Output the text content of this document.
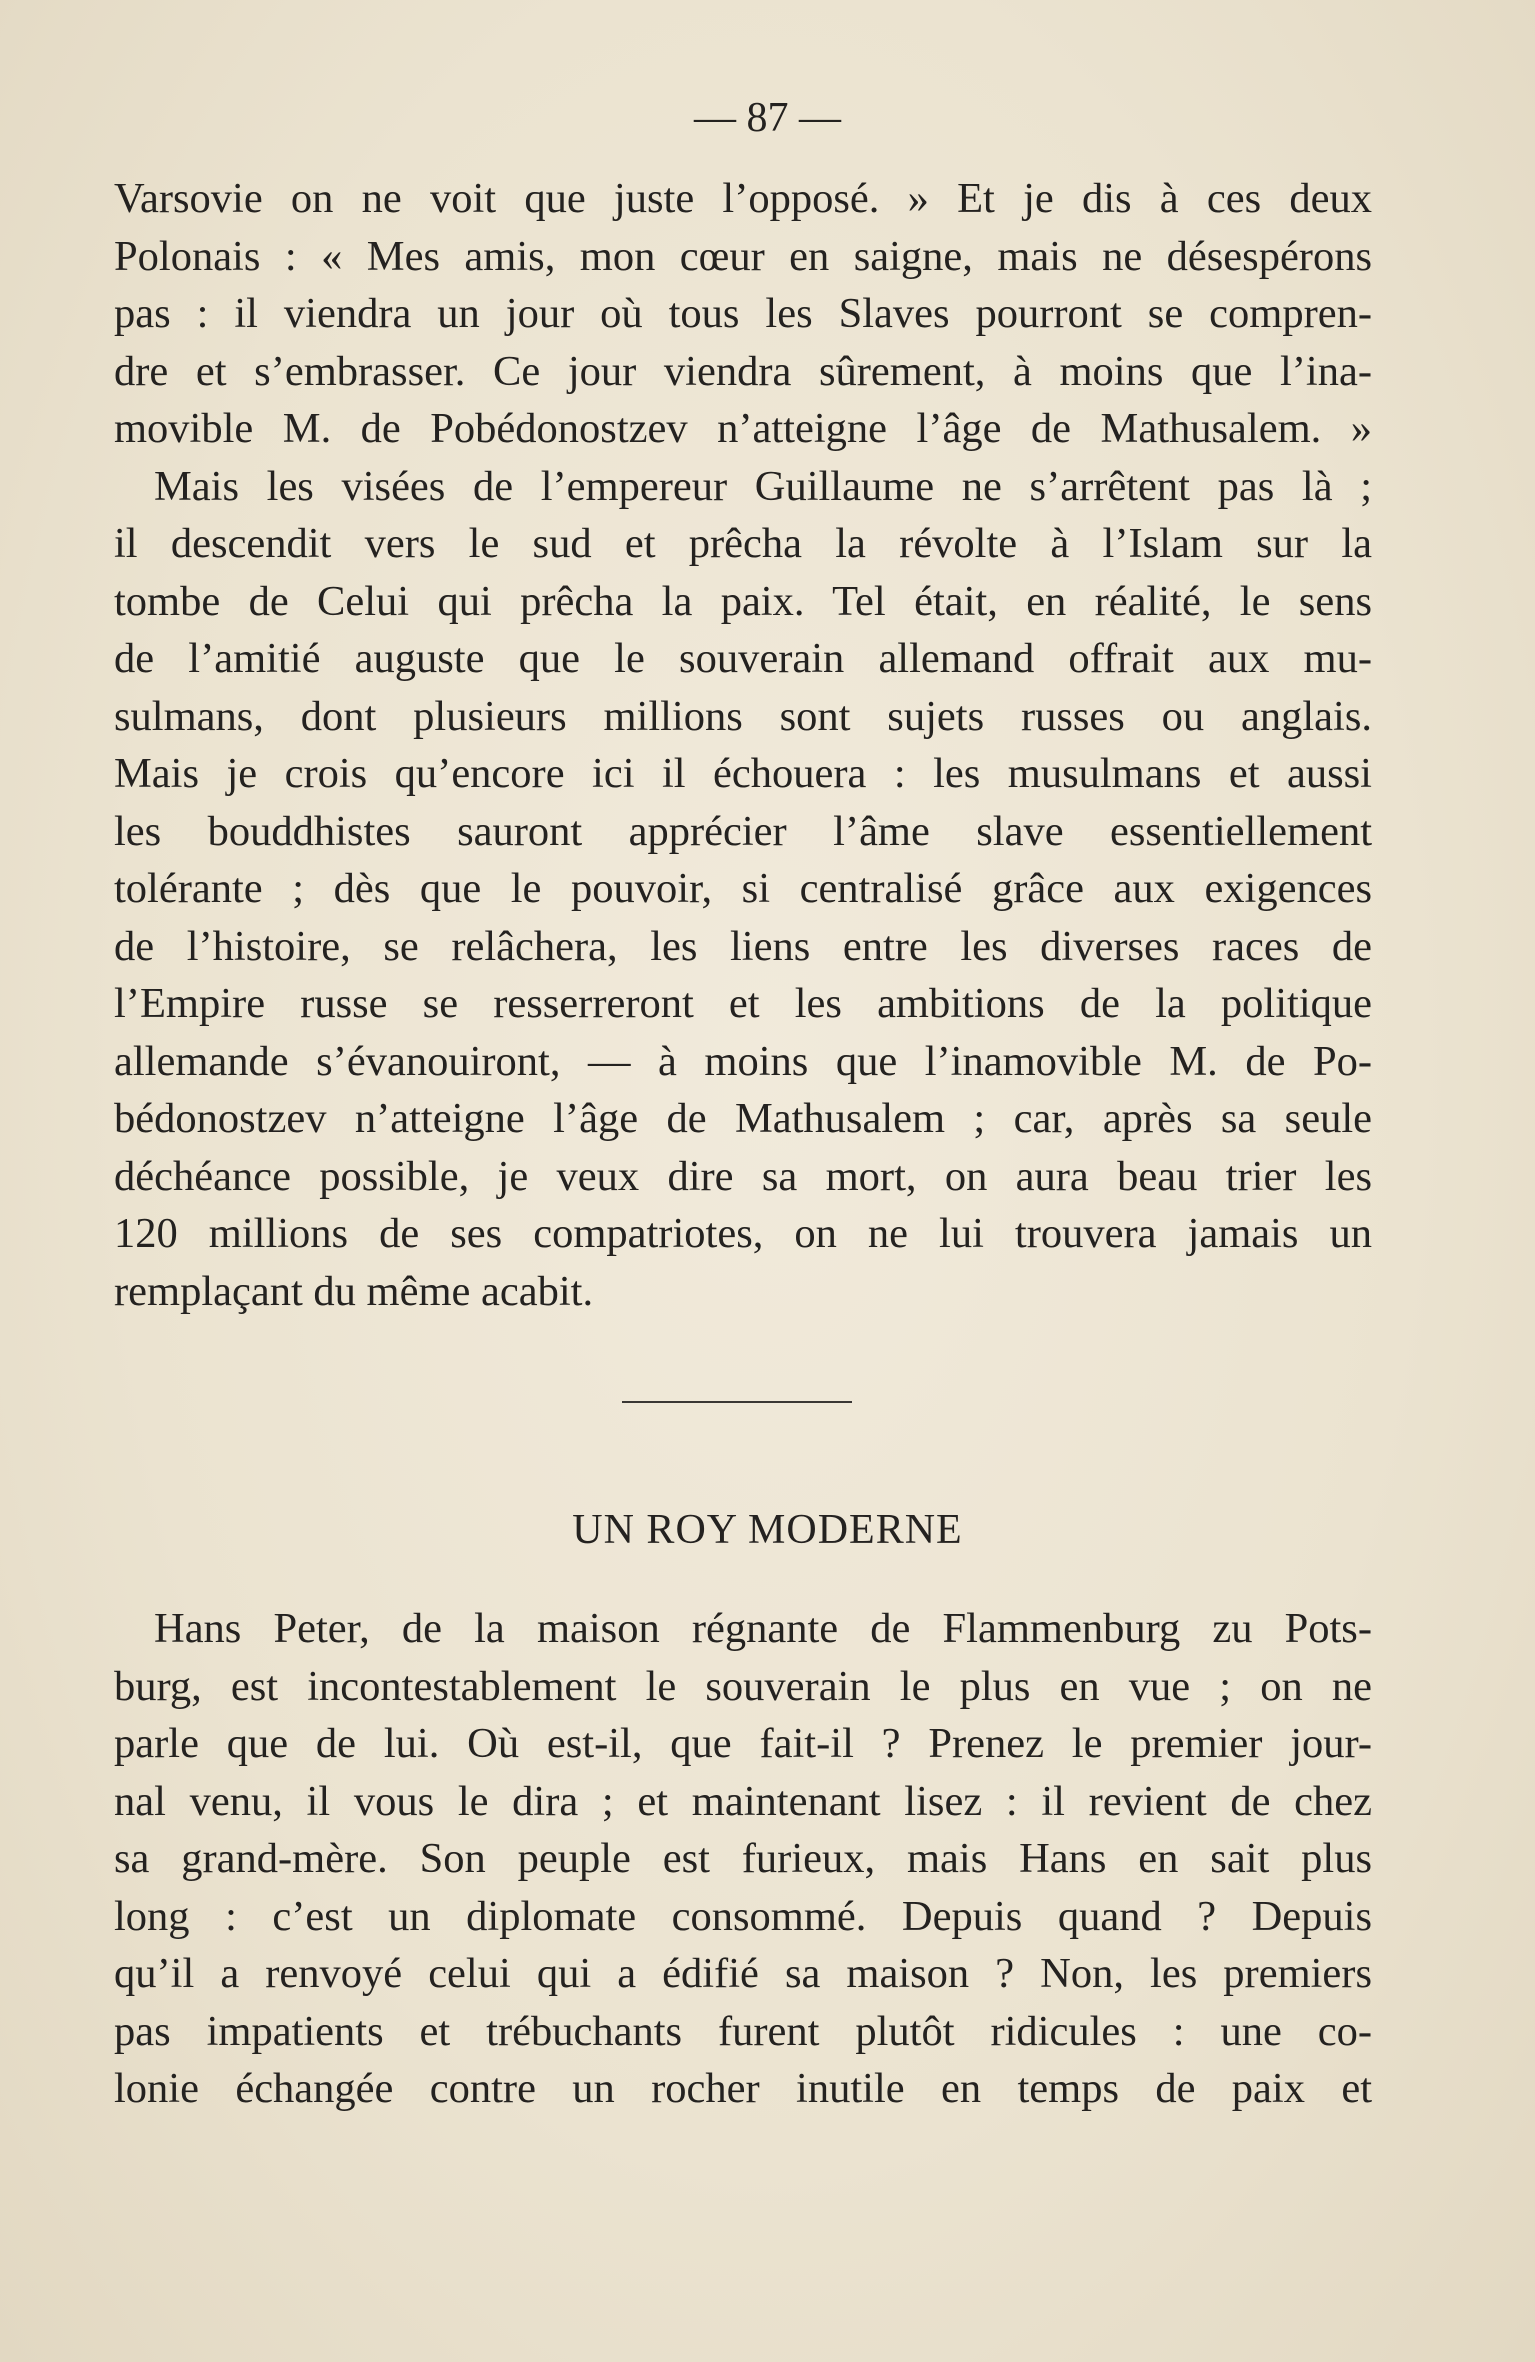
— 87 —
Varsovie on ne voit que juste l’opposé. » Et je dis à ces deux
Polonais : « Mes amis, mon cœur en saigne, mais ne désespérons
pas : il viendra un jour où tous les Slaves pourront se compren-
dre et s’embrasser. Ce jour viendra sûrement, à moins que l’ina-
movible M. de Pobédonostzev n’atteigne l’âge de Mathusalem. »
Mais les visées de l’empereur Guillaume ne s’arrêtent pas là ;
il descendit vers le sud et prêcha la révolte à l’Islam sur la
tombe de Celui qui prêcha la paix. Tel était, en réalité, le sens
de l’amitié auguste que le souverain allemand offrait aux mu-
sulmans, dont plusieurs millions sont sujets russes ou anglais.
Mais je crois qu’encore ici il échouera : les musulmans et aussi
les bouddhistes sauront apprécier l’âme slave essentiellement
tolérante ; dès que le pouvoir, si centralisé grâce aux exigences
de l’histoire, se relâchera, les liens entre les diverses races de
l’Empire russe se resserreront et les ambitions de la politique
allemande s’évanouiront, — à moins que l’inamovible M. de Po-
bédonostzev n’atteigne l’âge de Mathusalem ; car, après sa seule
déchéance possible, je veux dire sa mort, on aura beau trier les
120 millions de ses compatriotes, on ne lui trouvera jamais un
remplaçant du même acabit.
UN ROY MODERNE
Hans Peter, de la maison régnante de Flammenburg zu Pots-
burg, est incontestablement le souverain le plus en vue ; on ne
parle que de lui. Où est-il, que fait-il ? Prenez le premier jour-
nal venu, il vous le dira ; et maintenant lisez : il revient de chez
sa grand-mère. Son peuple est furieux, mais Hans en sait plus
long : c’est un diplomate consommé. Depuis quand ? Depuis
qu’il a renvoyé celui qui a édifié sa maison ? Non, les premiers
pas impatients et trébuchants furent plutôt ridicules : une co-
lonie échangée contre un rocher inutile en temps de paix et
